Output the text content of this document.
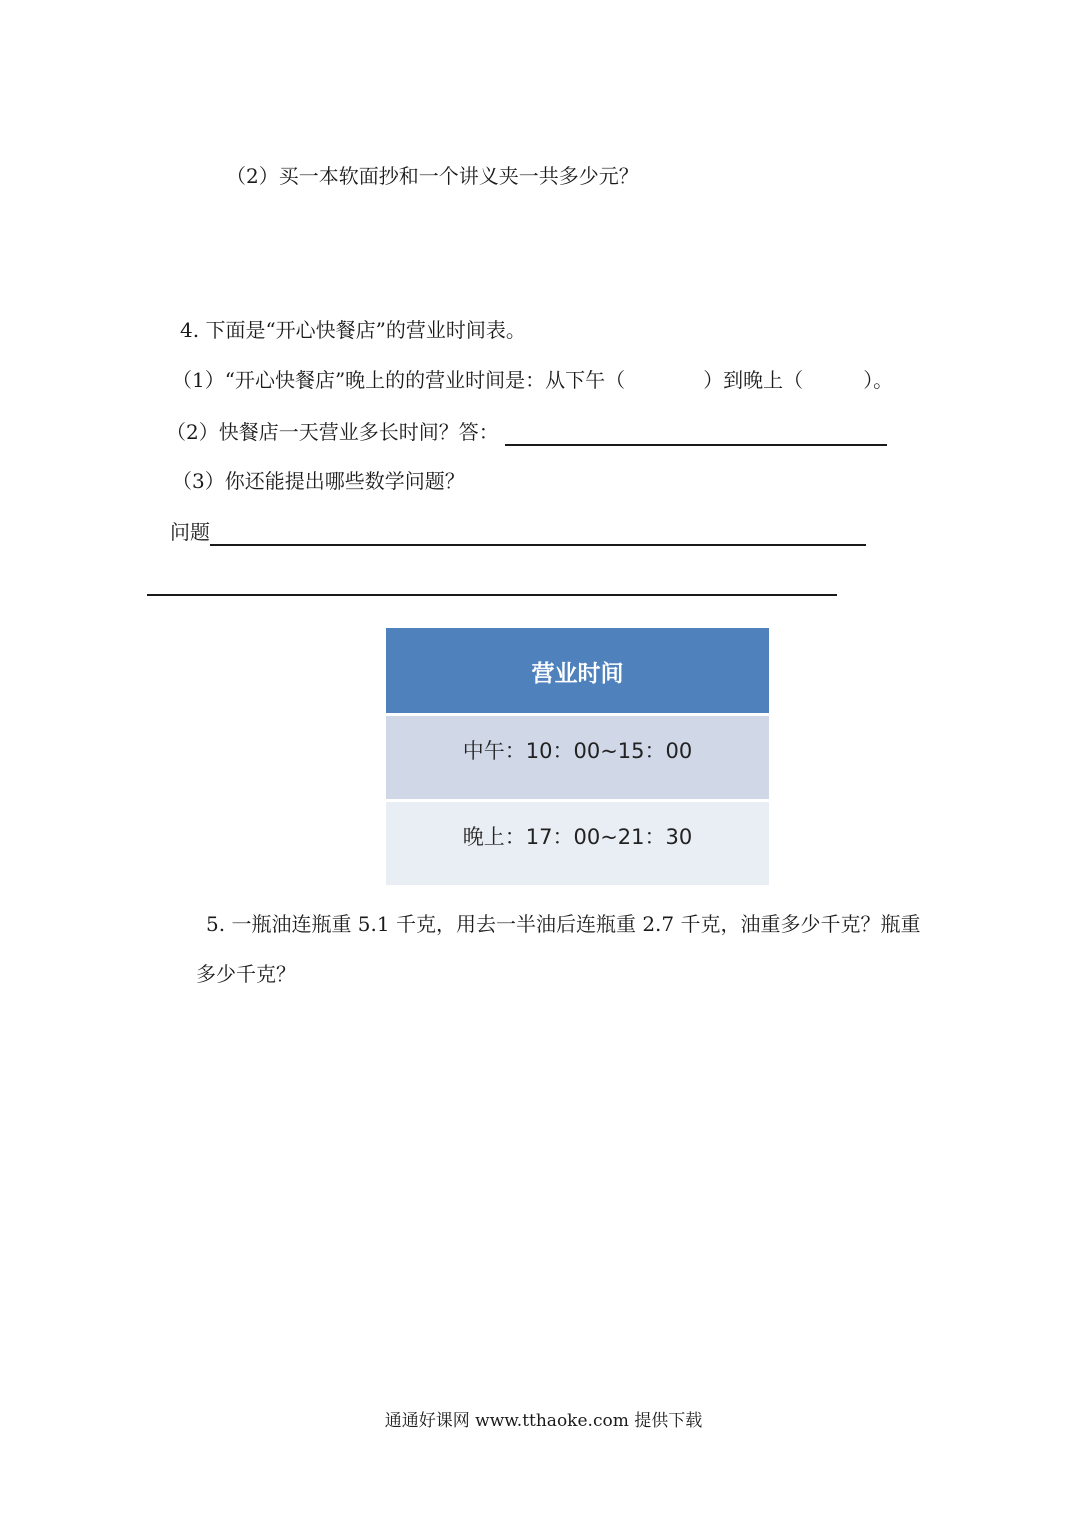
（2）买一本软面抄和一个讲义夹一共多少元？

4. 下面是“开心快餐店”的营业时间表。

（1）“开心快餐店”晚上的的营业时间是：从下午（	）到晚上（	）。

（2）快餐店一天营业多长时间？答：

（3）你还能提出哪些数学问题？

问题

营业时间
中午：10：00~15：00
晚上：17：00~21：30

5. 一瓶油连瓶重 5.1 千克，用去一半油后连瓶重 2.7 千克，油重多少千克？瓶重

多少千克？

通通好课网 www.tthaoke.com 提供下载
